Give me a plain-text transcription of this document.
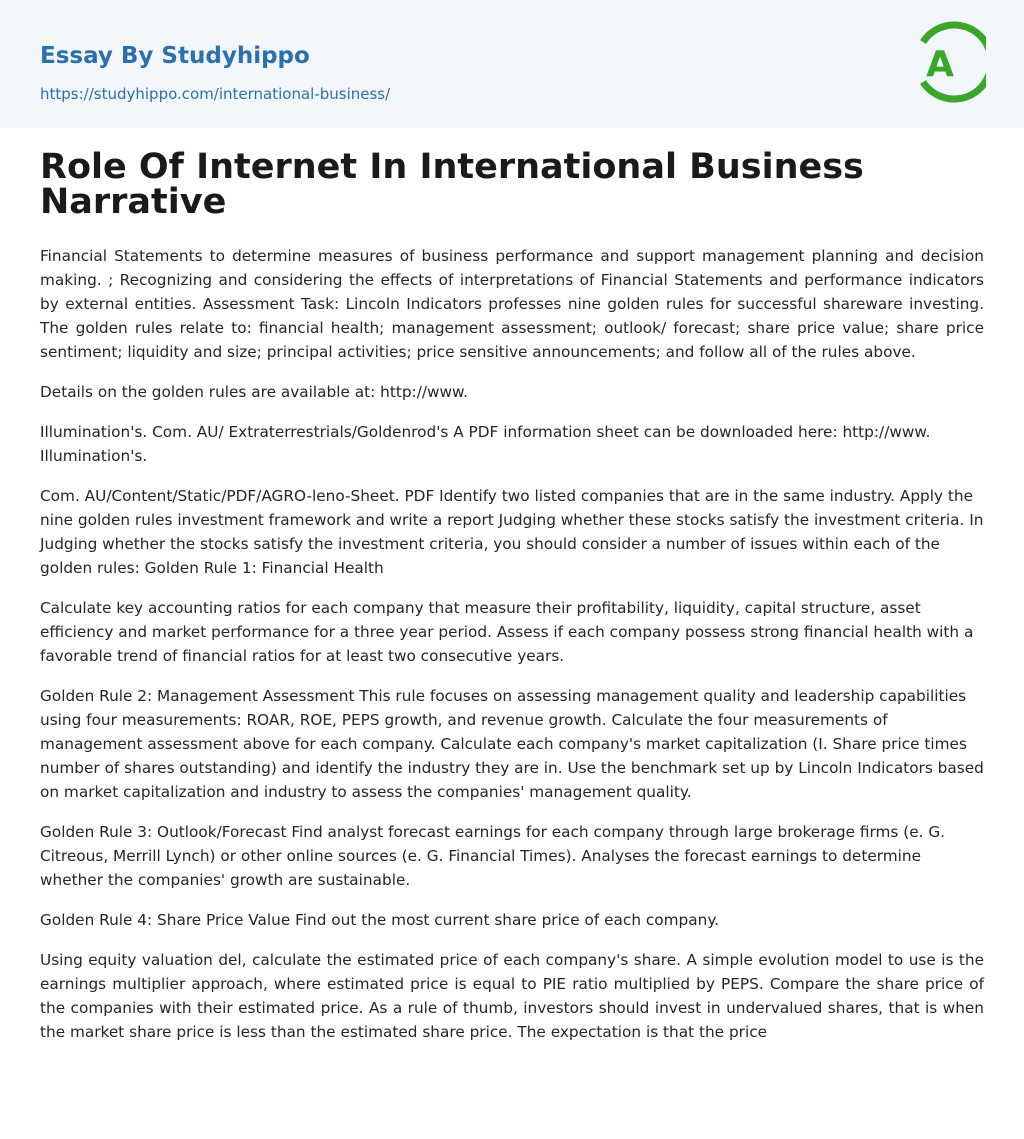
Essay By Studyhippo
https://studyhippo.com/international-business/
A
Role Of Internet In International Business Narrative

Financial Statements to determine measures of business performance and support management planning and decision making. ; Recognizing and considering the effects of interpretations of Financial Statements and performance indicators by external entities. Assessment Task: Lincoln Indicators professes nine golden rules for successful shareware investing. The golden rules relate to: financial health; management assessment; outlook/ forecast; share price value; share price sentiment; liquidity and size; principal activities; price sensitive announcements; and follow all of the rules above.

Details on the golden rules are available at: http://www.

Illumination's. Com. AU/ Extraterrestrials/Goldenrod's A PDF information sheet can be downloaded here: http://www. Illumination's.

Com. AU/Content/Static/PDF/AGRO-leno-Sheet. PDF Identify two listed companies that are in the same industry. Apply the nine golden rules investment framework and write a report Judging whether these stocks satisfy the investment criteria. In Judging whether the stocks satisfy the investment criteria, you should consider a number of issues within each of the golden rules: Golden Rule 1: Financial Health

Calculate key accounting ratios for each company that measure their profitability, liquidity, capital structure, asset efficiency and market performance for a three year period. Assess if each company possess strong financial health with a favorable trend of financial ratios for at least two consecutive years.

Golden Rule 2: Management Assessment This rule focuses on assessing management quality and leadership capabilities using four measurements: ROAR, ROE, PEPS growth, and revenue growth. Calculate the four measurements of management assessment above for each company. Calculate each company's market capitalization (I. Share price times number of shares outstanding) and identify the industry they are in. Use the benchmark set up by Lincoln Indicators based on market capitalization and industry to assess the companies' management quality.

Golden Rule 3: Outlook/Forecast Find analyst forecast earnings for each company through large brokerage firms (e. G. Citreous, Merrill Lynch) or other online sources (e. G. Financial Times). Analyses the forecast earnings to determine whether the companies' growth are sustainable.

Golden Rule 4: Share Price Value Find out the most current share price of each company.

Using equity valuation del, calculate the estimated price of each company's share. A simple evolution model to use is the earnings multiplier approach, where estimated price is equal to PIE ratio multiplied by PEPS. Compare the share price of the companies with their estimated price. As a rule of thumb, investors should invest in undervalued shares, that is when the market share price is less than the estimated share price. The expectation is that the price
